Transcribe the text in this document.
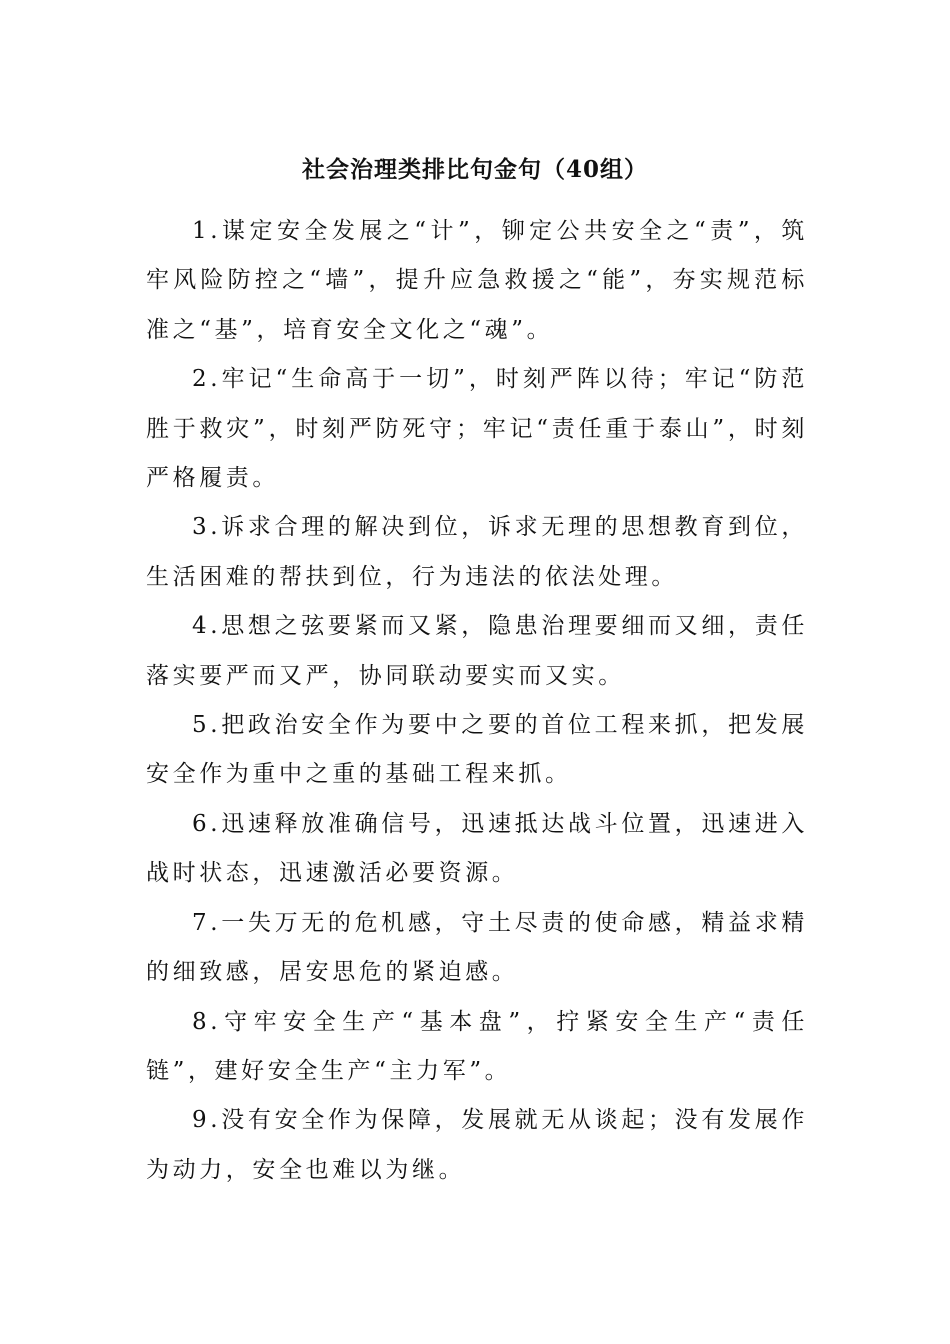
社会治理类排比句金句（40组）

1.谋定安全发展之“计”，铆定公共安全之“责”，筑牢风险防控之“墙”，提升应急救援之“能”，夯实规范标准之“基”，培育安全文化之“魂”。

2.牢记“生命高于一切”，时刻严阵以待；牢记“防范胜于救灾”，时刻严防死守；牢记“责任重于泰山”，时刻严格履责。

3.诉求合理的解决到位，诉求无理的思想教育到位，生活困难的帮扶到位，行为违法的依法处理。

4.思想之弦要紧而又紧，隐患治理要细而又细，责任落实要严而又严，协同联动要实而又实。

5.把政治安全作为要中之要的首位工程来抓，把发展安全作为重中之重的基础工程来抓。

6.迅速释放准确信号，迅速抵达战斗位置，迅速进入战时状态，迅速激活必要资源。

7.一失万无的危机感，守土尽责的使命感，精益求精的细致感，居安思危的紧迫感。

8.守牢安全生产“基本盘”，拧紧安全生产“责任链”，建好安全生产“主力军”。

9.没有安全作为保障，发展就无从谈起；没有发展作为动力，安全也难以为继。
